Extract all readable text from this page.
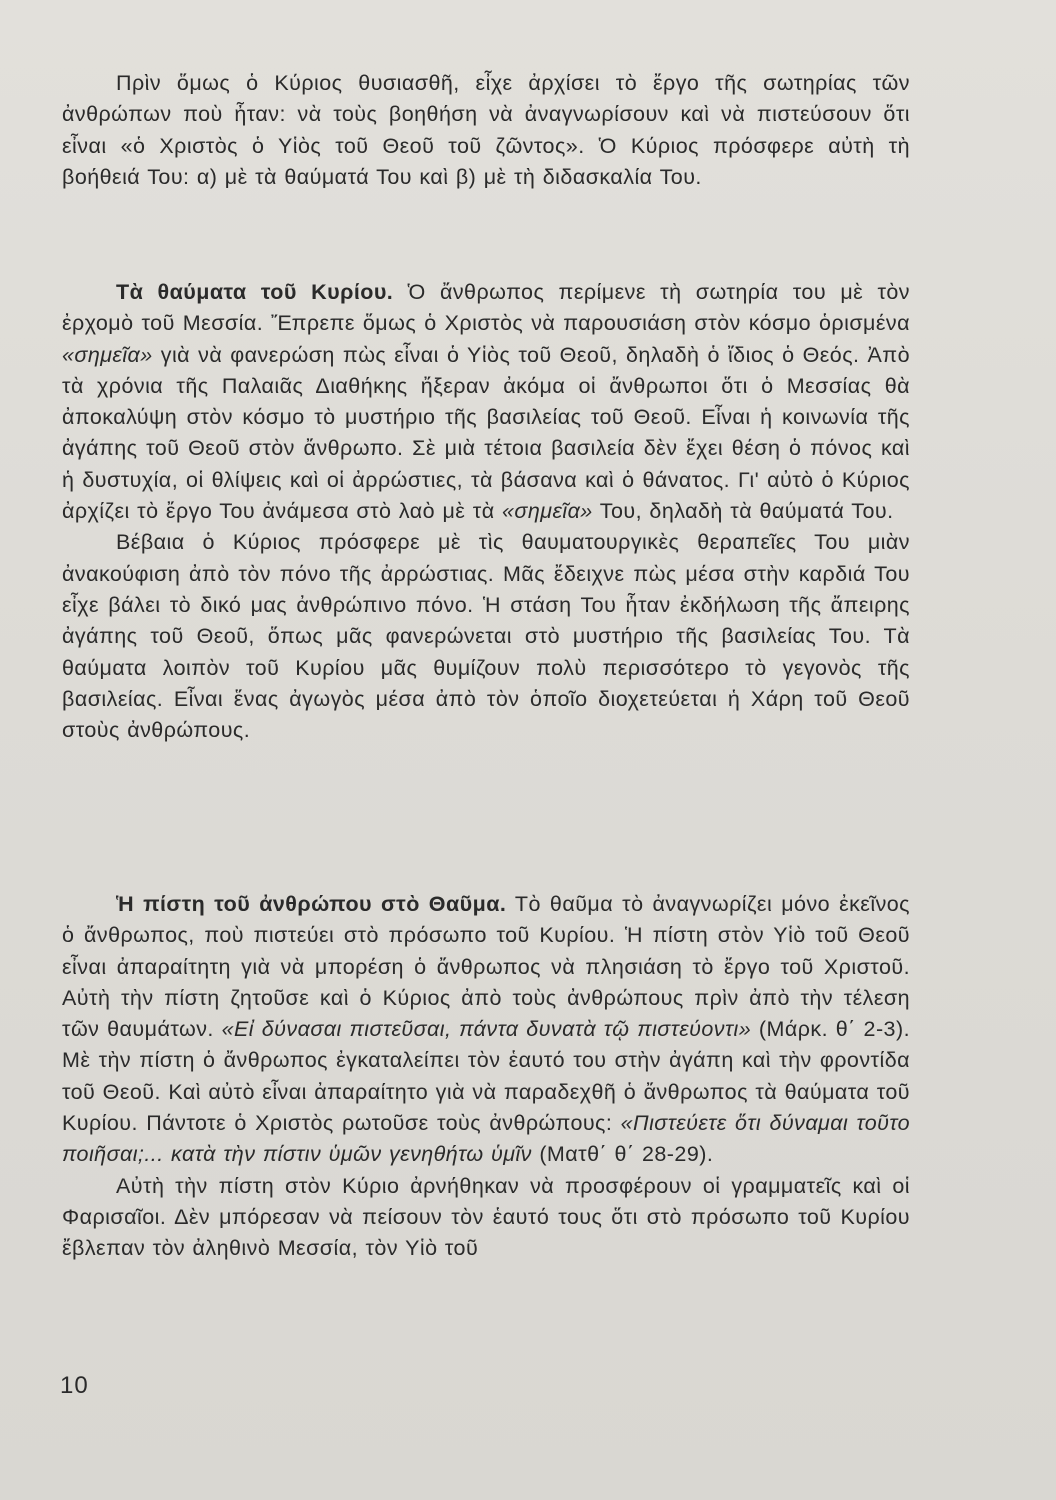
Πρὶν ὅμως ὁ Κύριος θυσιασθῆ, εἶχε ἀρχίσει τὸ ἔργο τῆς σωτηρίας τῶν ἀνθρώπων ποὺ ἦταν: νὰ τοὺς βοηθήση νὰ ἀναγνωρίσουν καὶ νὰ πιστεύσουν ὅτι εἶναι «ὁ Χριστὸς ὁ Υἱὸς τοῦ Θεοῦ τοῦ ζῶντος». Ὁ Κύριος πρόσφερε αὐτὴ τὴ βοήθειά Του: α) μὲ τὰ θαύματά Του καὶ β) μὲ τὴ διδασκαλία Του.

Τὰ θαύματα τοῦ Κυρίου. Ὁ ἄνθρωπος περίμενε τὴ σωτηρία του μὲ τὸν ἐρχομὸ τοῦ Μεσσία. Ἔπρεπε ὅμως ὁ Χριστὸς νὰ παρουσιάση στὸν κόσμο ὁρισμένα «σημεῖα» γιὰ νὰ φανερώση πὼς εἶναι ὁ Υἱὸς τοῦ Θεοῦ, δηλαδὴ ὁ ἴδιος ὁ Θεός. Ἀπὸ τὰ χρόνια τῆς Παλαιᾶς Διαθήκης ἤξεραν ἀκόμα οἱ ἄνθρωποι ὅτι ὁ Μεσσίας θὰ ἀποκαλύψη στὸν κόσμο τὸ μυστήριο τῆς βασιλείας τοῦ Θεοῦ. Εἶναι ἡ κοινωνία τῆς ἀγάπης τοῦ Θεοῦ στὸν ἄνθρωπο. Σὲ μιὰ τέτοια βασιλεία δὲν ἔχει θέση ὁ πόνος καὶ ἡ δυστυχία, οἱ θλίψεις καὶ οἱ ἀρρώστιες, τὰ βάσανα καὶ ὁ θάνατος. Γι' αὐτὸ ὁ Κύριος ἀρχίζει τὸ ἔργο Του ἀνάμεσα στὸ λαὸ μὲ τὰ «σημεῖα» Του, δηλαδὴ τὰ θαύματά Του.

Βέβαια ὁ Κύριος πρόσφερε μὲ τὶς θαυματουργικὲς θεραπεῖες Του μιὰν ἀνακούφιση ἀπὸ τὸν πόνο τῆς ἀρρώστιας. Μᾶς ἔδειχνε πὼς μέσα στὴν καρδιά Του εἶχε βάλει τὸ δικό μας ἀνθρώπινο πόνο. Ἡ στάση Του ἦταν ἐκδήλωση τῆς ἄπειρης ἀγάπης τοῦ Θεοῦ, ὅπως μᾶς φανερώνεται στὸ μυστήριο τῆς βασιλείας Του. Τὰ θαύματα λοιπὸν τοῦ Κυρίου μᾶς θυμίζουν πολὺ περισσότερο τὸ γεγονὸς τῆς βασιλείας. Εἶναι ἕνας ἀγωγὸς μέσα ἀπὸ τὸν ὁποῖο διοχετεύεται ἡ Χάρη τοῦ Θεοῦ στοὺς ἀνθρώπους.

Ἡ πίστη τοῦ ἀνθρώπου στὸ Θαῦμα. Τὸ θαῦμα τὸ ἀναγνωρίζει μόνο ἐκεῖνος ὁ ἄνθρωπος, ποὺ πιστεύει στὸ πρόσωπο τοῦ Κυρίου. Ἡ πίστη στὸν Υἱὸ τοῦ Θεοῦ εἶναι ἀπαραίτητη γιὰ νὰ μπορέση ὁ ἄνθρωπος νὰ πλησιάση τὸ ἔργο τοῦ Χριστοῦ. Αὐτὴ τὴν πίστη ζητοῦσε καὶ ὁ Κύριος ἀπὸ τοὺς ἀνθρώπους πρὶν ἀπὸ τὴν τέλεση τῶν θαυμάτων. «Εἰ δύνασαι πιστεῦσαι, πάντα δυνατὰ τῷ πιστεύοντι» (Μάρκ. θ΄ 2-3). Μὲ τὴν πίστη ὁ ἄνθρωπος ἐγκαταλείπει τὸν ἑαυτό του στὴν ἀγάπη καὶ τὴν φροντίδα τοῦ Θεοῦ. Καὶ αὐτὸ εἶναι ἀπαραίτητο γιὰ νὰ παραδεχθῆ ὁ ἄνθρωπος τὰ θαύματα τοῦ Κυρίου. Πάντοτε ὁ Χριστὸς ρωτοῦσε τοὺς ἀνθρώπους: «Πιστεύετε ὅτι δύναμαι τοῦτο ποιῆσαι;... κατὰ τὴν πίστιν ὑμῶν γενηθήτω ὑμῖν (Ματθ΄ θ΄ 28-29).

Αὐτὴ τὴν πίστη στὸν Κύριο ἀρνήθηκαν νὰ προσφέρουν οἱ γραμματεῖς καὶ οἱ Φαρισαῖοι. Δὲν μπόρεσαν νὰ πείσουν τὸν ἑαυτό τους ὅτι στὸ πρόσωπο τοῦ Κυρίου ἔβλεπαν τὸν ἀληθινὸ Μεσσία, τὸν Υἱὸ τοῦ

10
